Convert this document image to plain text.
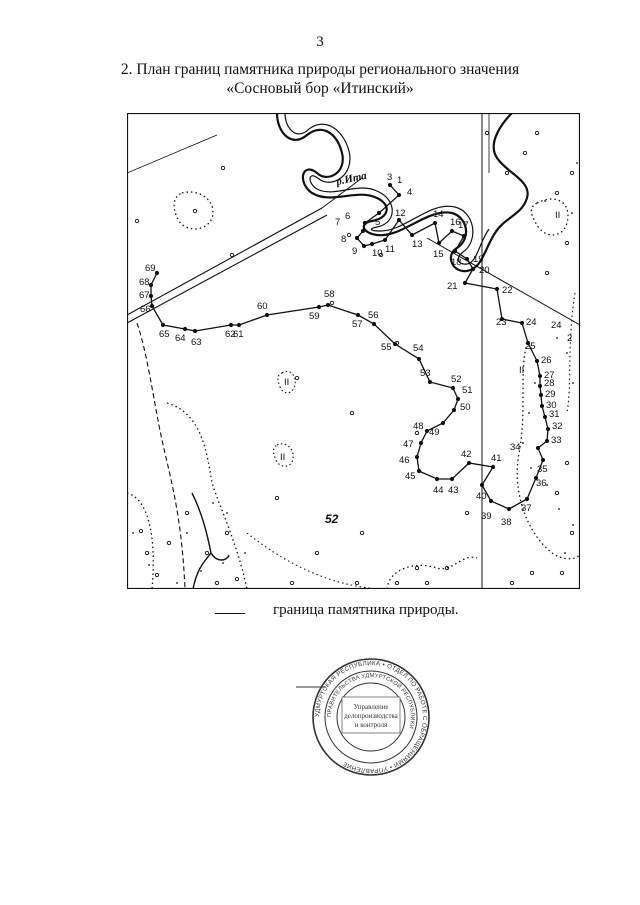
3
2. План границ памятника природы регионального значения
«Сосновый бор «Итинский»
3
4
5
6
7
8
9 10 11
12
13
14
15
16
17
18 19
20
21	22
23 24
25
26
27
28
29
30
31
32
33
34
35
36
37
38
39
40
41
42
43
44
45
46
47
48
49
50
51
52
53
54
55
56
57
58
59
60
61
62
63
64
65
66
67
68
69
р.Ита
52
II
II
II
II
1
2
24
граница памятника природы.
УДМУРТСКАЯ РЕСПУБЛИКА • ОТДЕЛ ПО РАБОТЕ С ОБРАЩЕНИЯМИ • УПРАВЛЕНИЕ
ПРАВИТЕЛЬСТВА УДМУРТСКОЙ РЕСПУБЛИКИ
Управление
делопроизводства
и контроля
